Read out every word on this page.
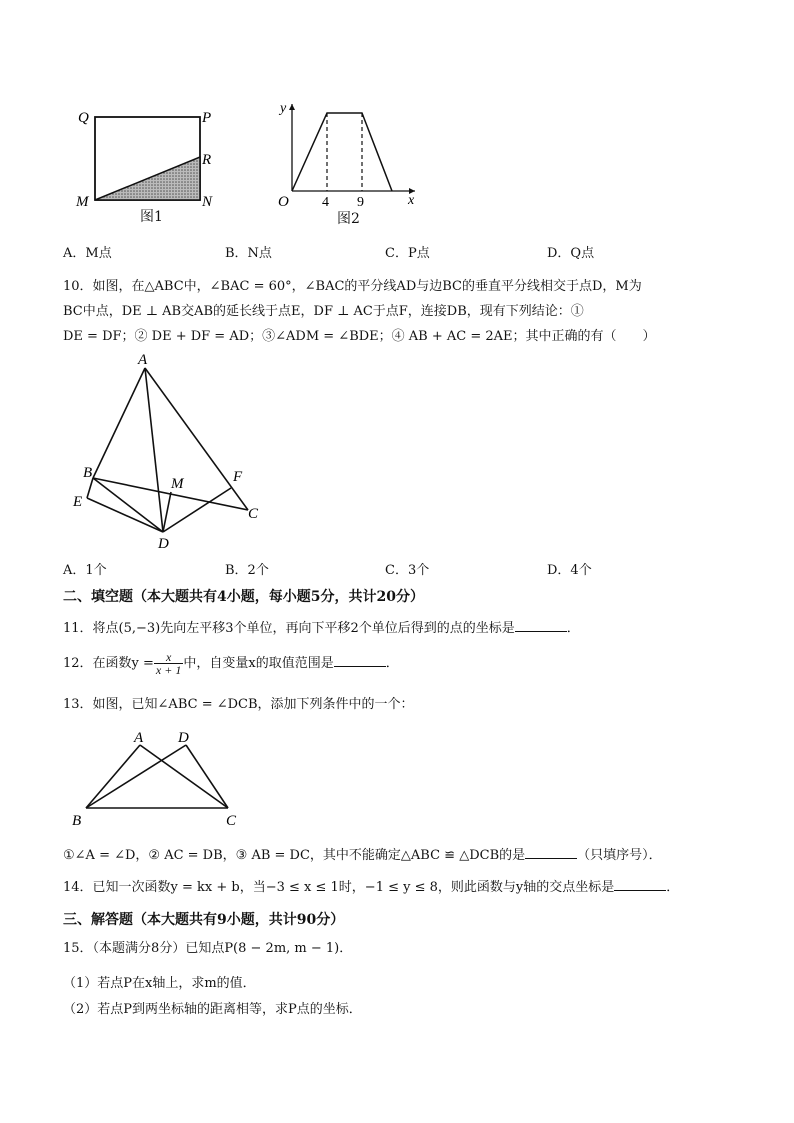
Q	P
R
M	N
图1
y
O 4 9	x
图2
A．M点	B．N点	C．P点	D．Q点
10．如图，在△ABC中，∠BAC = 60°，∠BAC的平分线AD与边BC的垂直平分线相交于点D，M为
BC中点，DE ⊥ AB交AB的延长线于点E，DF ⊥ AC于点F，连接DB，现有下列结论：①
DE = DF；② DE + DF = AD；③∠ADM = ∠BDE；④ AB + AC = 2AE；其中正确的有（　　）
A
B
M	F
E
C
D
A．1个	B．2个	C．3个	D．4个
二、填空题（本大题共有4小题，每小题5分，共计20分）
11．将点(5,−3)先向左平移3个单位，再向下平移2个单位后得到的点的坐标是	．
12．在函数$y = \frac{x}{x + 1}$ 中，自变量x的取值范围是	．
13．如图，已知∠ABC = ∠DCB，添加下列条件中的一个：
A D
B	C
①∠A = ∠D，② AC = DB，③ AB = DC，其中不能确定△ABC ≌ △DCB的是	（只填序号）．
14．已知一次函数y = kx + b，当−3 ≤ x ≤ 1时，−1 ≤ y ≤ 8，则此函数与y轴的交点坐标是	．
三、解答题（本大题共有9小题，共计90分）
15．（本题满分8分）已知点P(8 − 2m, m − 1)．
（1）若点P在x轴上，求m的值．
（2）若点P到两坐标轴的距离相等，求P点的坐标．
